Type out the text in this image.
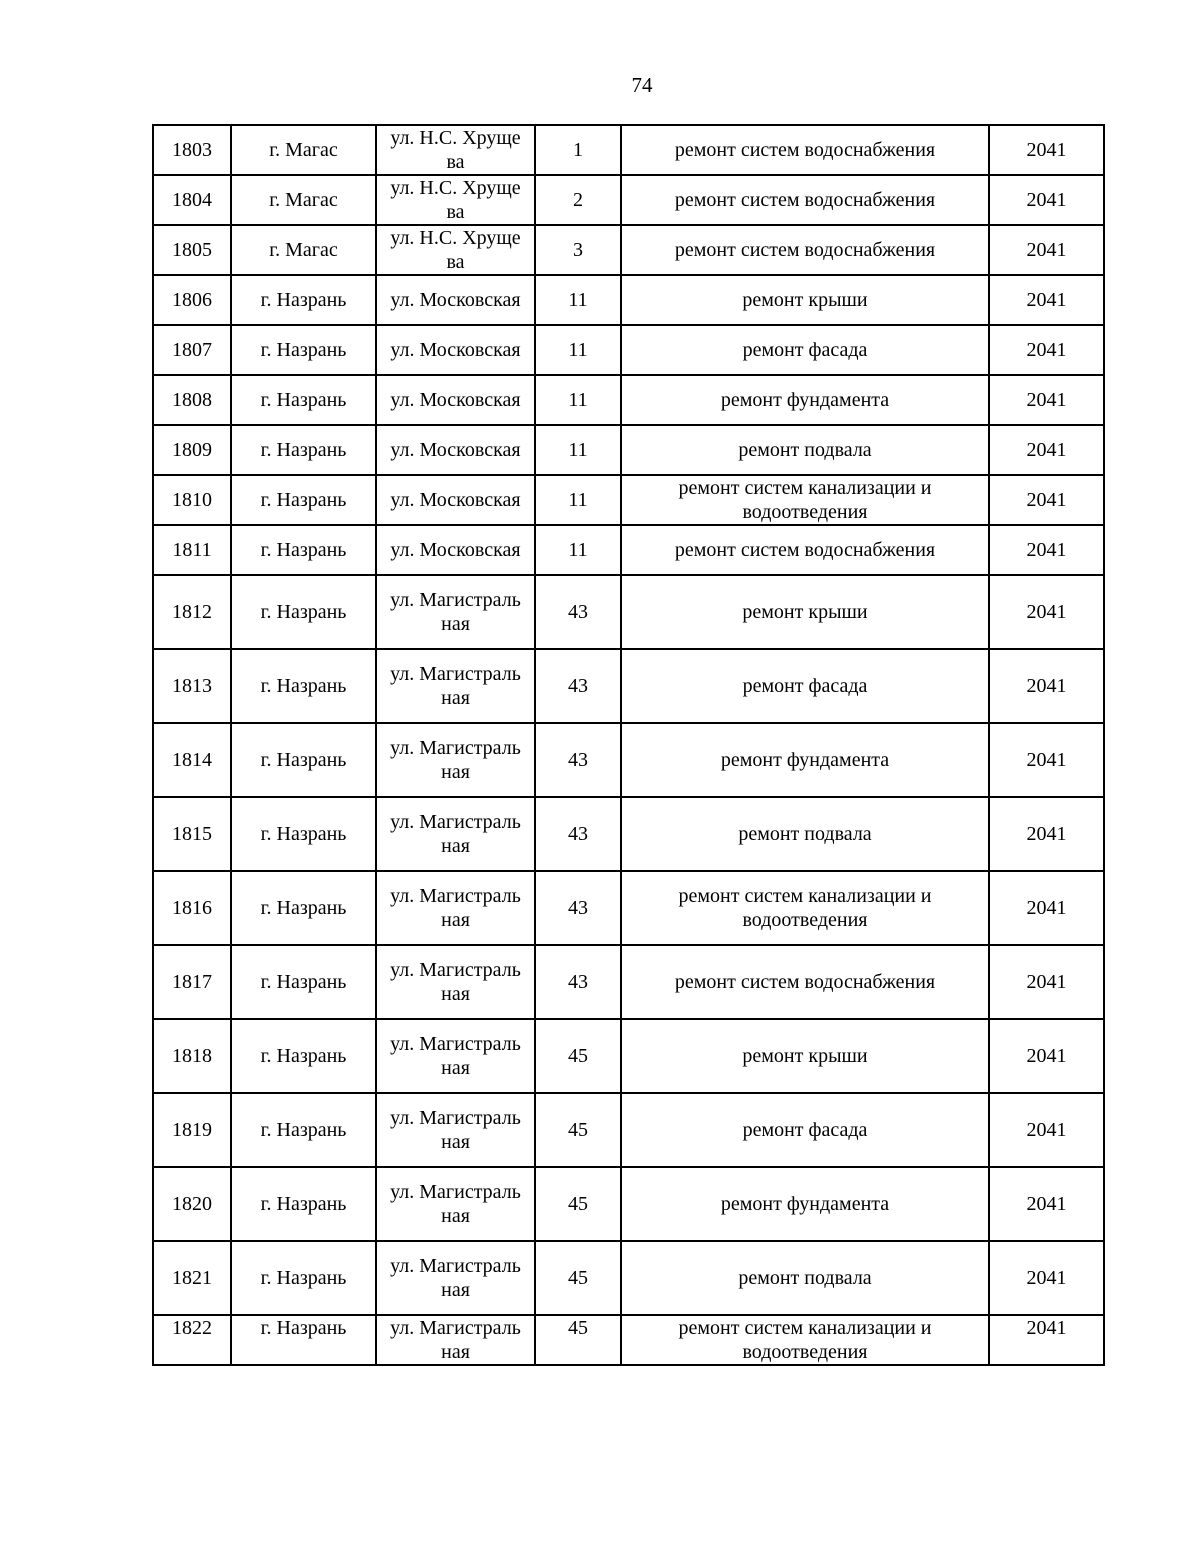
74
1803	г. Магас	ул. Н.С. Хрущева	1	ремонт систем водоснабжения	2041
1804	г. Магас	ул. Н.С. Хрущева	2	ремонт систем водоснабжения	2041
1805	г. Магас	ул. Н.С. Хрущева	3	ремонт систем водоснабжения	2041
1806	г. Назрань	ул. Московская	11	ремонт крыши	2041
1807	г. Назрань	ул. Московская	11	ремонт фасада	2041
1808	г. Назрань	ул. Московская	11	ремонт фундамента	2041
1809	г. Назрань	ул. Московская	11	ремонт подвала	2041
1810	г. Назрань	ул. Московская	11	ремонт систем канализации и водоотведения	2041
1811	г. Назрань	ул. Московская	11	ремонт систем водоснабжения	2041
1812	г. Назрань	ул. Магистральная	43	ремонт крыши	2041
1813	г. Назрань	ул. Магистральная	43	ремонт фасада	2041
1814	г. Назрань	ул. Магистральная	43	ремонт фундамента	2041
1815	г. Назрань	ул. Магистральная	43	ремонт подвала	2041
1816	г. Назрань	ул. Магистральная	43	ремонт систем канализации и водоотведения	2041
1817	г. Назрань	ул. Магистральная	43	ремонт систем водоснабжения	2041
1818	г. Назрань	ул. Магистральная	45	ремонт крыши	2041
1819	г. Назрань	ул. Магистральная	45	ремонт фасада	2041
1820	г. Назрань	ул. Магистральная	45	ремонт фундамента	2041
1821	г. Назрань	ул. Магистральная	45	ремонт подвала	2041
1822	г. Назрань	ул. Магистральная	45	ремонт систем канализации и водоотведения	2041
